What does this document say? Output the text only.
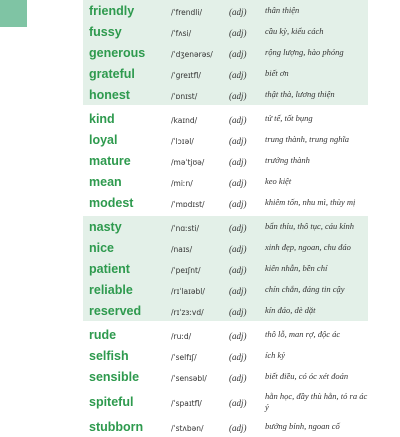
friendly	/ˈfrendli/	(adj)	thân thiện
fussy	/ˈfʌsi/	(adj)	cầu kỳ, kiểu cách
generous	/ˈdʒenərəs/	(adj)	rộng lượng, hào phóng
grateful	/ˈɡreɪtfl/	(adj)	biết ơn
honest	/ˈɒnɪst/	(adj)	thật thà, lương thiện
kind	/kaɪnd/	(adj)	tử tế, tốt bụng
loyal	/ˈlɔɪəl/	(adj)	trung thành, trung nghĩa
mature	/məˈtjʊə/	(adj)	trưởng thành
mean	/miːn/	(adj)	keo kiệt
modest	/ˈmɒdɪst/	(adj)	khiêm tốn, nhu mì, thùy mị
nasty	/ˈnɑːsti/	(adj)	bẩn thỉu, thô tục, cáu kỉnh
nice	/naɪs/	(adj)	xinh đẹp, ngoan, chu đáo
patient	/ˈpeɪʃnt/	(adj)	kiên nhẫn, bền chí
reliable	/rɪˈlaɪəbl/	(adj)	chín chắn, đáng tin cậy
reserved	/rɪˈzɜːvd/	(adj)	kín đáo, dè dặt
rude	/ruːd/	(adj)	thô lỗ, man rợ, độc ác
selfish	/ˈselfɪʃ/	(adj)	ích kỷ
sensible	/ˈsensəbl/	(adj)	biết điều, có óc xét đoán
spiteful	/ˈspaɪtfl/	(adj)	hằn học, đầy thù hằn, tỏ ra ác ý
stubborn	/ˈstʌbən/	(adj)	bướng bỉnh, ngoan cố
